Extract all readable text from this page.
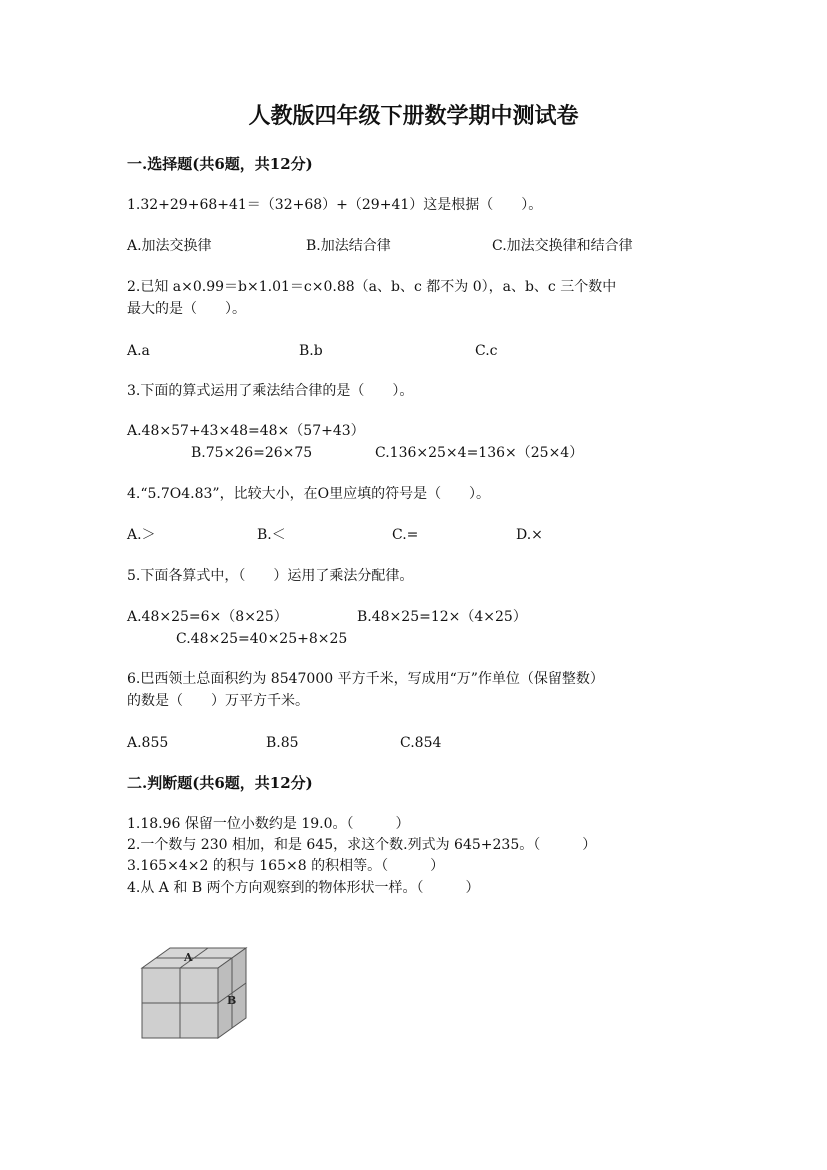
人教版四年级下册数学期中测试卷
一.选择题(共6题，共12分)
1.32+29+68+41＝（32+68）+（29+41）这是根据（　　）。
A.加法交换律	B.加法结合律	C.加法交换律和结合律
2.已知 a×0.99＝b×1.01＝c×0.88（a、b、c 都不为 0），a、b、c 三个数中
最大的是（　　）。
A.a	B.b	C.c
3.下面的算式运用了乘法结合律的是（　　）。
A.48×57+43×48=48×（57+43）
B.75×26=26×75	C.136×25×4=136×（25×4）
4.“5.7O4.83”，比较大小，在O里应填的符号是（　　）。
A.＞	B.＜	C.=	D.×
5.下面各算式中，（　　）运用了乘法分配律。
A.48×25=6×（8×25）	B.48×25=12×（4×25）
C.48×25=40×25+8×25
6.巴西领土总面积约为 8547000 平方千米，写成用“万”作单位（保留整数）
的数是（　　）万平方千米。
A.855	B.85	C.854
二.判断题(共6题，共12分)
1.18.96 保留一位小数约是 19.0。（　　　）
2.一个数与 230 相加，和是 645，求这个数.列式为 645+235。（　　　）
3.165×4×2 的积与 165×8 的积相等。（　　　）
4.从 A 和 B 两个方向观察到的物体形状一样。（　　　）
A
B
